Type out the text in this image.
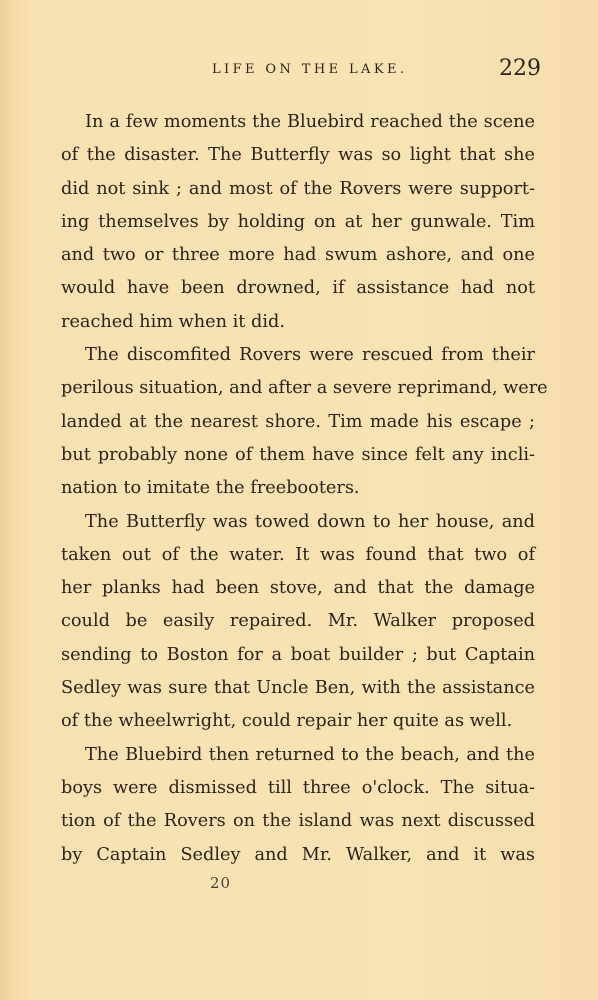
LIFE ON THE LAKE.	229

In a few moments the Bluebird reached the scene
of the disaster. The Butterfly was so light that she
did not sink ; and most of the Rovers were support-
ing themselves by holding on at her gunwale. Tim
and two or three more had swum ashore, and one
would have been drowned, if assistance had not
reached him when it did.

The discomfited Rovers were rescued from their
perilous situation, and after a severe reprimand, were
landed at the nearest shore. Tim made his escape ;
but probably none of them have since felt any incli-
nation to imitate the freebooters.

The Butterfly was towed down to her house, and
taken out of the water. It was found that two of
her planks had been stove, and that the damage
could be easily repaired. Mr. Walker proposed
sending to Boston for a boat builder ; but Captain
Sedley was sure that Uncle Ben, with the assistance
of the wheelwright, could repair her quite as well.

The Bluebird then returned to the beach, and the
boys were dismissed till three o'clock. The situa-
tion of the Rovers on the island was next discussed
by Captain Sedley and Mr. Walker, and it was

20
